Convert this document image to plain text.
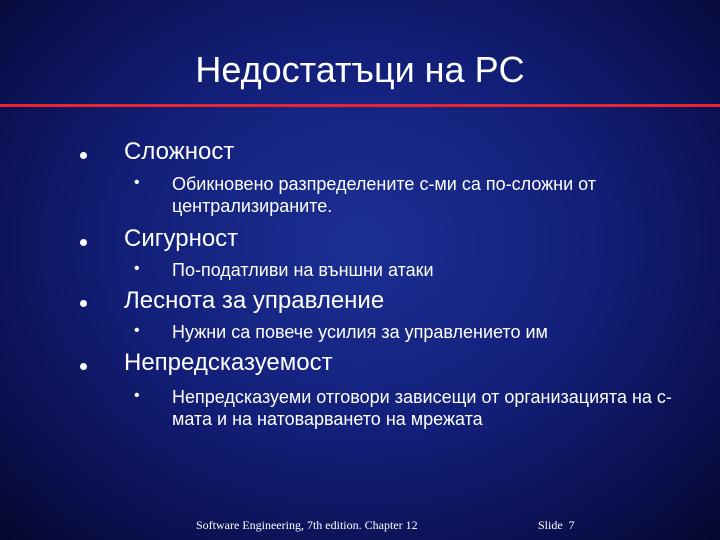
Недостатъци на PC
Сложност
• Обикновено разпределените с-ми са по-сложни от централизираните.
Сигурност
• По-податливи на външни атаки
Леснота за управление
• Нужни са повече усилия за управлението им
Непредсказуемост
• Непредсказуеми отговори зависещи от организацията на с-мата и на натоварването на мрежата
Software Engineering, 7th edition. Chapter 12	Slide 7
